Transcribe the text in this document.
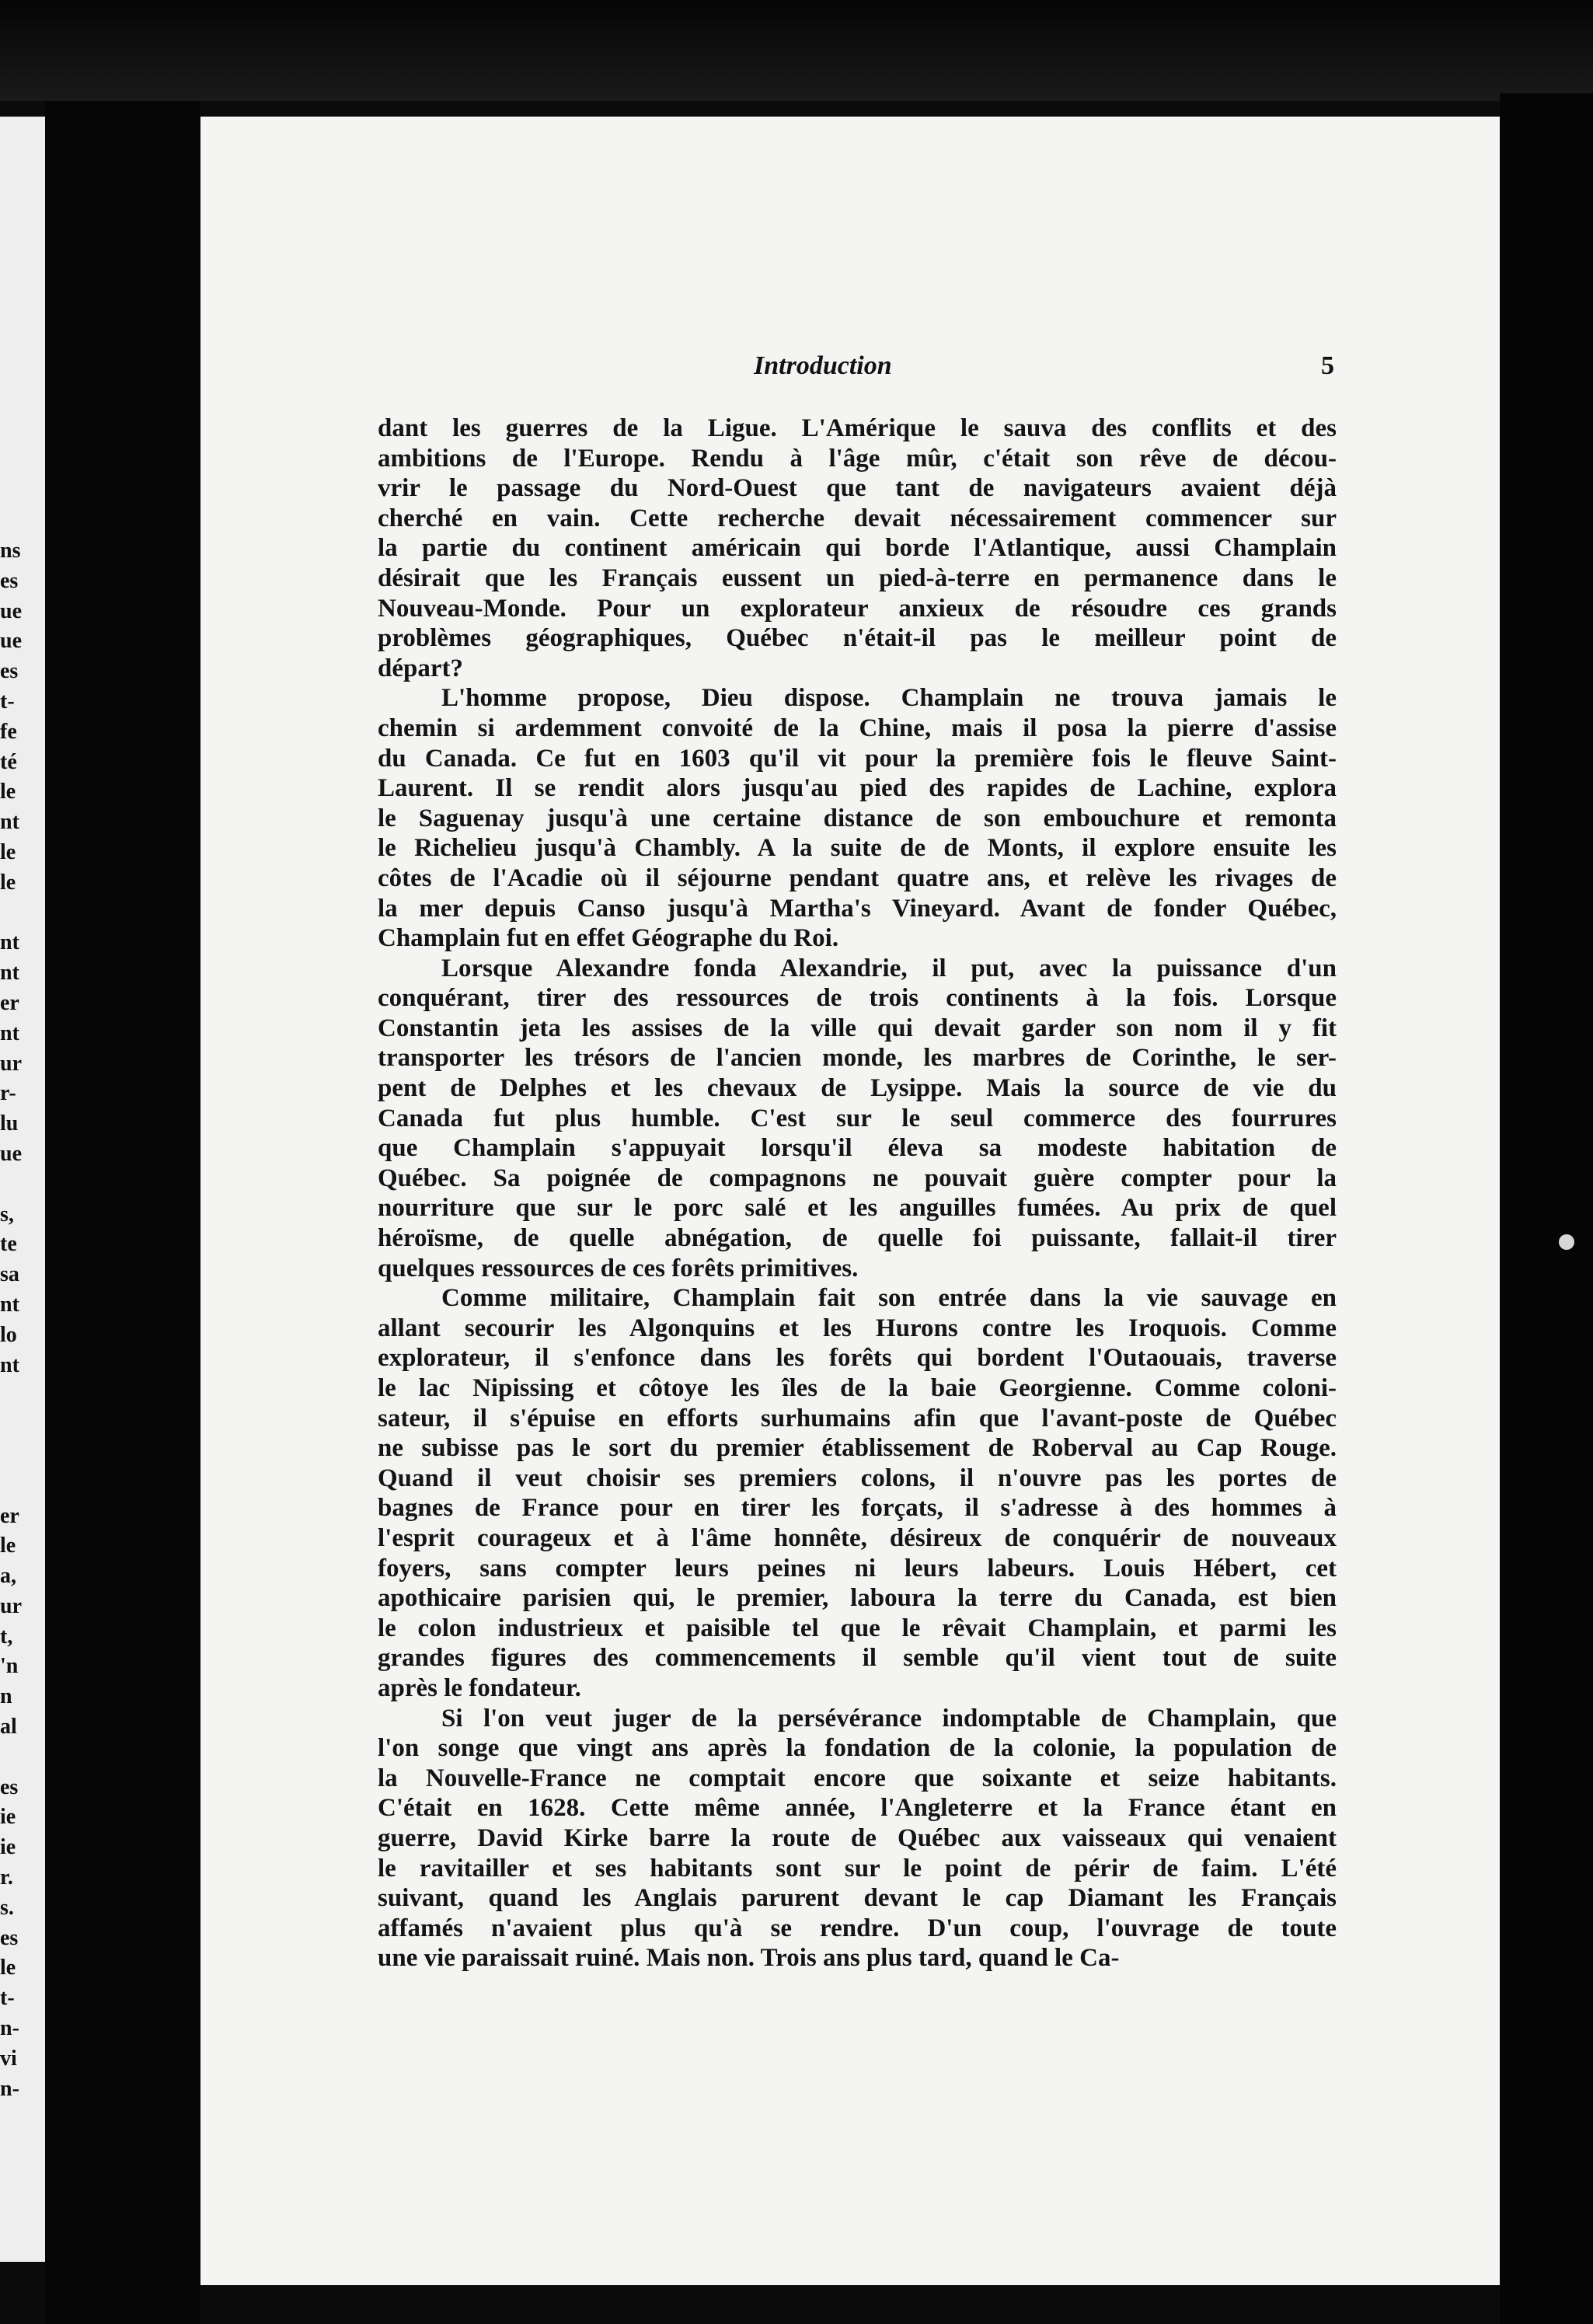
ns
es
ue
ue
es
t-
fe
té
le
nt
le
le
nt
nt
er
nt
ur
r-
lu
ue
s,
te
sa
nt
lo
nt
er
le
a,
ur
t,
'n
n
al
es
ie
ie
r.
s.
es
le
t-
n-
vi
n-
Introduction	5
dant les guerres de la Ligue. L'Amérique le sauva des conflits et des
ambitions de l'Europe. Rendu à l'âge mûr, c'était son rêve de décou-
vrir le passage du Nord-Ouest que tant de navigateurs avaient déjà
cherché en vain. Cette recherche devait nécessairement commencer sur
la partie du continent américain qui borde l'Atlantique, aussi Champlain
désirait que les Français eussent un pied-à-terre en permanence dans le
Nouveau-Monde. Pour un explorateur anxieux de résoudre ces grands
problèmes géographiques, Québec n'était-il pas le meilleur point de
départ?
L'homme propose, Dieu dispose. Champlain ne trouva jamais le
chemin si ardemment convoité de la Chine, mais il posa la pierre d'assise
du Canada. Ce fut en 1603 qu'il vit pour la première fois le fleuve Saint-
Laurent. Il se rendit alors jusqu'au pied des rapides de Lachine, explora
le Saguenay jusqu'à une certaine distance de son embouchure et remonta
le Richelieu jusqu'à Chambly. A la suite de de Monts, il explore ensuite les
côtes de l'Acadie où il séjourne pendant quatre ans, et relève les rivages de
la mer depuis Canso jusqu'à Martha's Vineyard. Avant de fonder Québec,
Champlain fut en effet Géographe du Roi.
Lorsque Alexandre fonda Alexandrie, il put, avec la puissance d'un
conquérant, tirer des ressources de trois continents à la fois. Lorsque
Constantin jeta les assises de la ville qui devait garder son nom il y fit
transporter les trésors de l'ancien monde, les marbres de Corinthe, le ser-
pent de Delphes et les chevaux de Lysippe. Mais la source de vie du
Canada fut plus humble. C'est sur le seul commerce des fourrures
que Champlain s'appuyait lorsqu'il éleva sa modeste habitation de
Québec. Sa poignée de compagnons ne pouvait guère compter pour la
nourriture que sur le porc salé et les anguilles fumées. Au prix de quel
héroïsme, de quelle abnégation, de quelle foi puissante, fallait-il tirer
quelques ressources de ces forêts primitives.
Comme militaire, Champlain fait son entrée dans la vie sauvage en
allant secourir les Algonquins et les Hurons contre les Iroquois. Comme
explorateur, il s'enfonce dans les forêts qui bordent l'Outaouais, traverse
le lac Nipissing et côtoye les îles de la baie Georgienne. Comme coloni-
sateur, il s'épuise en efforts surhumains afin que l'avant-poste de Québec
ne subisse pas le sort du premier établissement de Roberval au Cap Rouge.
Quand il veut choisir ses premiers colons, il n'ouvre pas les portes de
bagnes de France pour en tirer les forçats, il s'adresse à des hommes à
l'esprit courageux et à l'âme honnête, désireux de conquérir de nouveaux
foyers, sans compter leurs peines ni leurs labeurs. Louis Hébert, cet
apothicaire parisien qui, le premier, laboura la terre du Canada, est bien
le colon industrieux et paisible tel que le rêvait Champlain, et parmi les
grandes figures des commencements il semble qu'il vient tout de suite
après le fondateur.
Si l'on veut juger de la persévérance indomptable de Champlain, que
l'on songe que vingt ans après la fondation de la colonie, la population de
la Nouvelle-France ne comptait encore que soixante et seize habitants.
C'était en 1628. Cette même année, l'Angleterre et la France étant en
guerre, David Kirke barre la route de Québec aux vaisseaux qui venaient
le ravitailler et ses habitants sont sur le point de périr de faim. L'été
suivant, quand les Anglais parurent devant le cap Diamant les Français
affamés n'avaient plus qu'à se rendre. D'un coup, l'ouvrage de toute
une vie paraissait ruiné. Mais non. Trois ans plus tard, quand le Ca-
